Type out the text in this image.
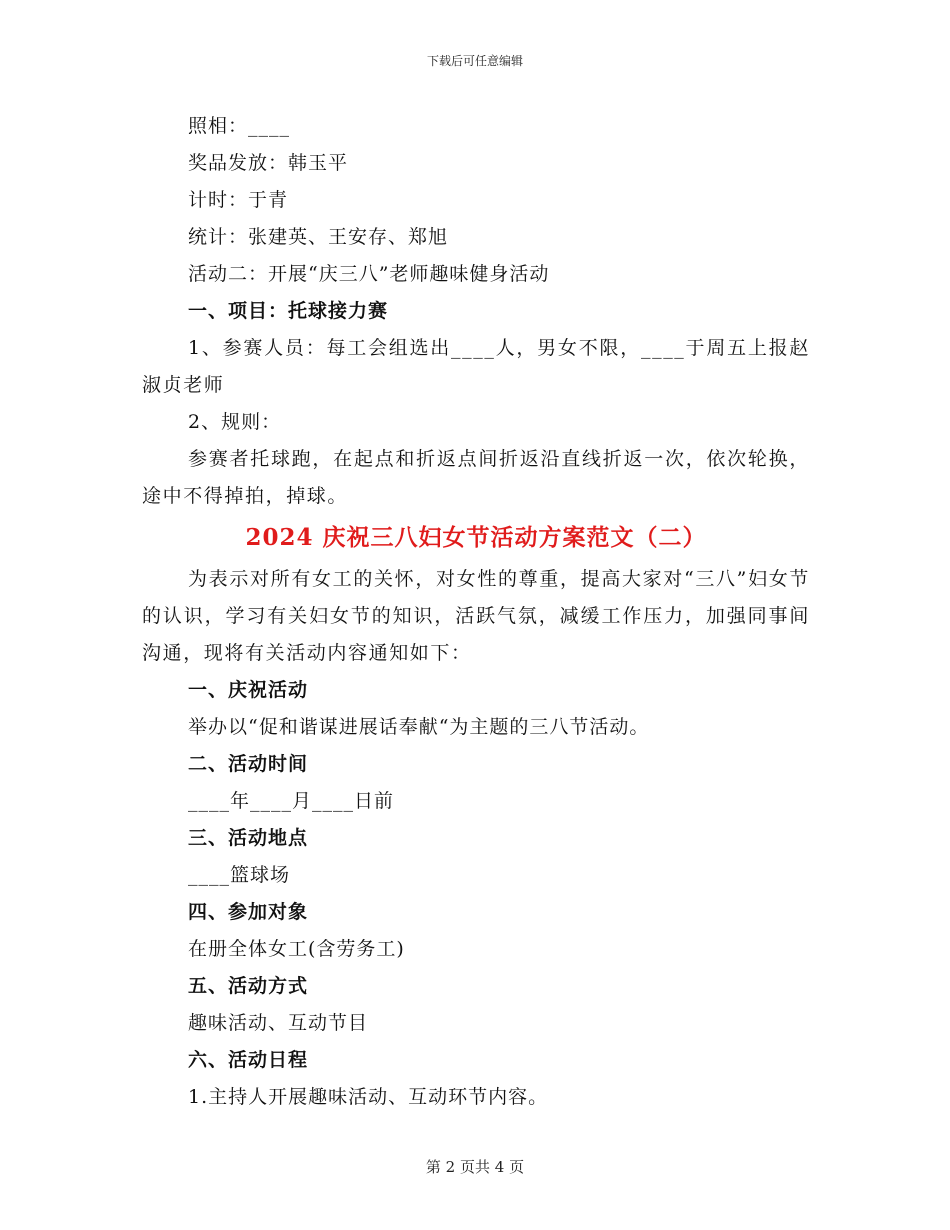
下载后可任意编辑
照相：____
奖品发放：韩玉平
计时：于青
统计：张建英、王安存、郑旭
活动二：开展“庆三八”老师趣味健身活动
一、项目：托球接力赛
1、参赛人员：每工会组选出____人，男女不限，____于周五上报赵淑贞老师
2、规则：
参赛者托球跑，在起点和折返点间折返沿直线折返一次，依次轮换，途中不得掉拍，掉球。
2024 庆祝三八妇女节活动方案范文（二）
为表示对所有女工的关怀，对女性的尊重，提高大家对“三八”妇女节的认识，学习有关妇女节的知识，活跃气氛，减缓工作压力，加强同事间沟通，现将有关活动内容通知如下：
一、庆祝活动
举办以“促和谐谋进展话奉献“为主题的三八节活动。
二、活动时间
____年____月____日前
三、活动地点
____篮球场
四、参加对象
在册全体女工(含劳务工)
五、活动方式
趣味活动、互动节目
六、活动日程
1.主持人开展趣味活动、互动环节内容。
第 2 页共 4 页
